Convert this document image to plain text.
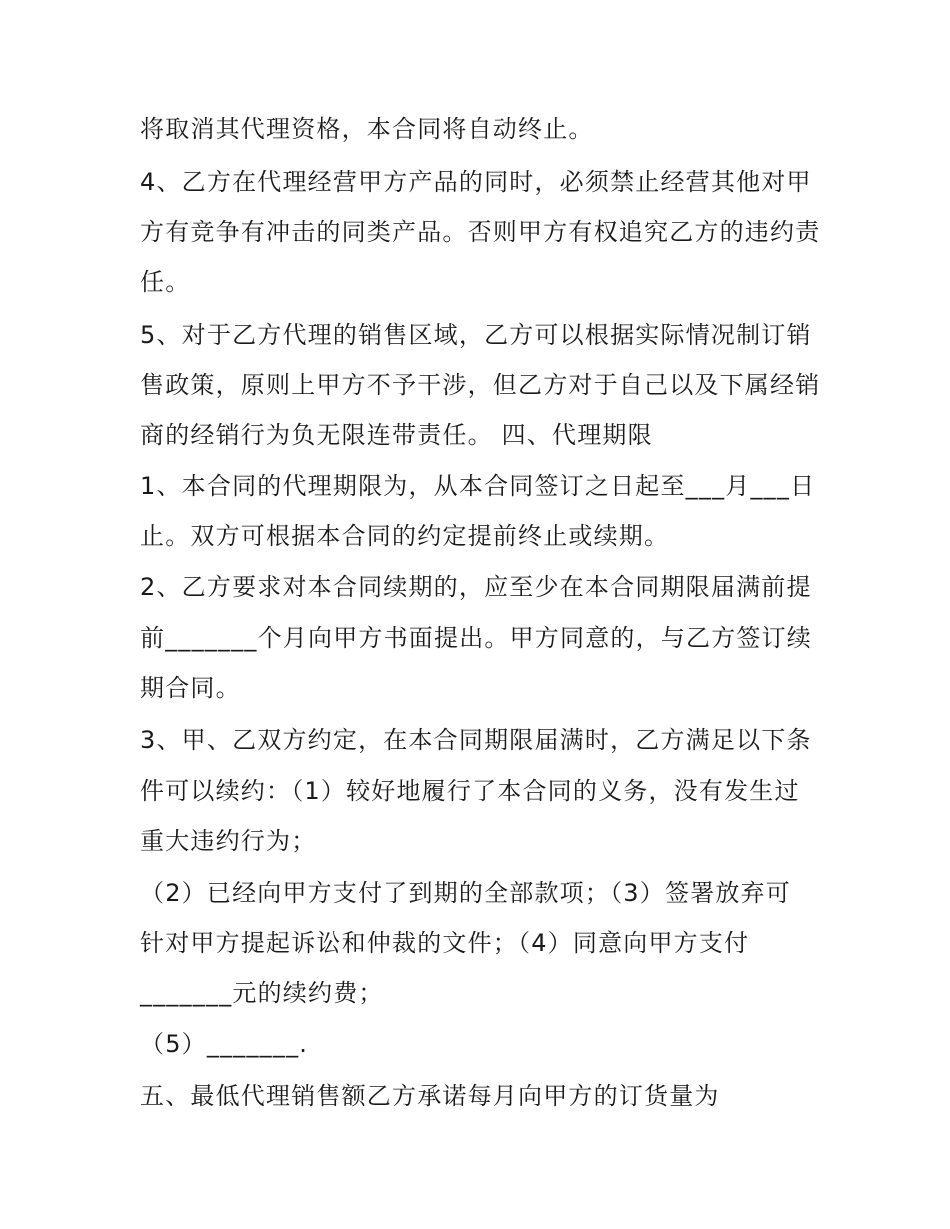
将取消其代理资格，本合同将自动终止。
4、乙方在代理经营甲方产品的同时，必须禁止经营其他对甲
方有竞争有冲击的同类产品。否则甲方有权追究乙方的违约责
任。
5、对于乙方代理的销售区域，乙方可以根据实际情况制订销
售政策，原则上甲方不予干涉，但乙方对于自己以及下属经销
商的经销行为负无限连带责任。 四、代理期限
1、本合同的代理期限为，从本合同签订之日起至___月___日
止。双方可根据本合同的约定提前终止或续期。
2、乙方要求对本合同续期的，应至少在本合同期限届满前提
前_______个月向甲方书面提出。甲方同意的，与乙方签订续
期合同。
3、甲、乙双方约定，在本合同期限届满时，乙方满足以下条
件可以续约：（1）较好地履行了本合同的义务，没有发生过
重大违约行为；
（2）已经向甲方支付了到期的全部款项；（3）签署放弃可
针对甲方提起诉讼和仲裁的文件；（4）同意向甲方支付
_______元的续约费；
（5）_______.
五、最低代理销售额乙方承诺每月向甲方的订货量为
